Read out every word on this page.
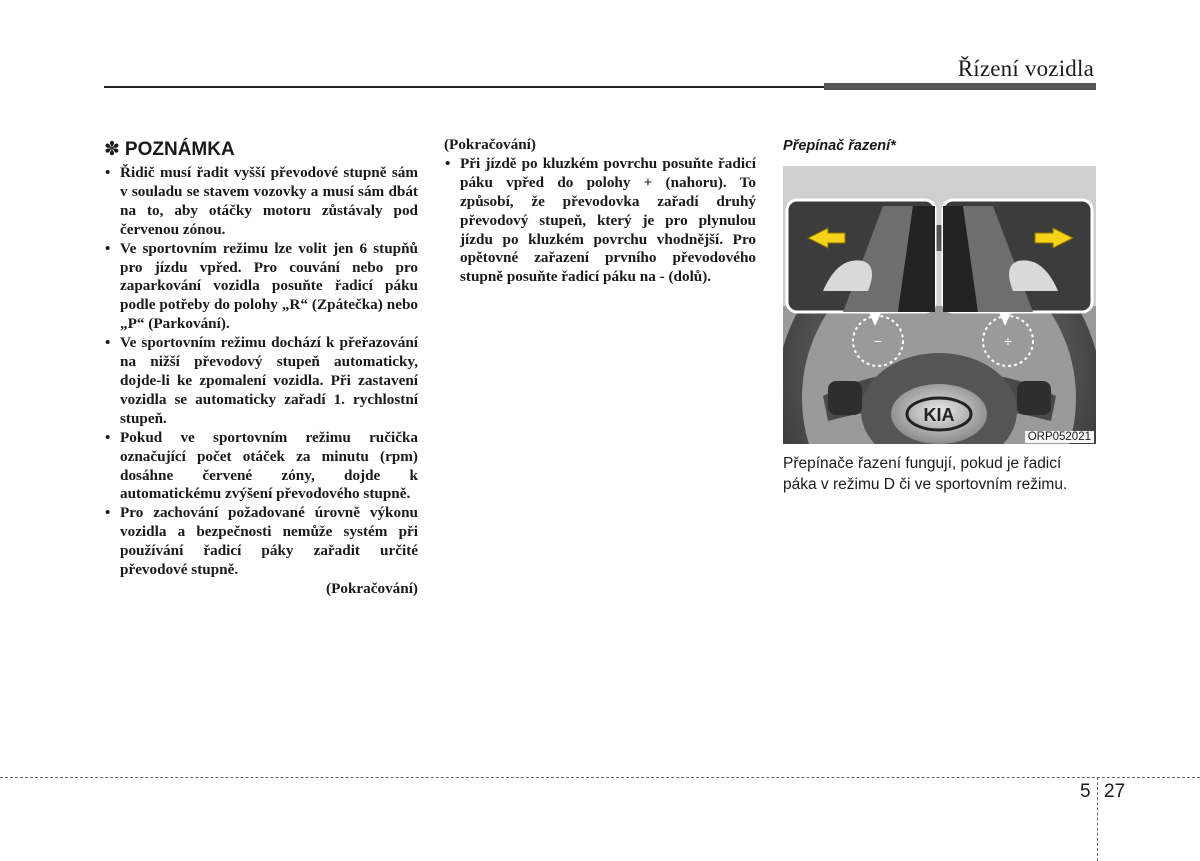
Řízení vozidla
✽ POZNÁMKA
• Řidič musí řadit vyšší převodové stupně sám v souladu se stavem vozovky a musí sám dbát na to, aby otáčky motoru zůstávaly pod červenou zónou.
• Ve sportovním režimu lze volit jen 6 stupňů pro jízdu vpřed. Pro couvání nebo pro zaparkování vozidla posuňte řadicí páku podle potřeby do polohy „R“ (Zpátečka) nebo „P“ (Parkování).
• Ve sportovním režimu dochází k přeřazování na nižší převodový stupeň automaticky, dojde-li ke zpomalení vozidla. Při zastavení vozidla se automaticky zařadí 1. rychlostní stupeň.
• Pokud ve sportovním režimu ručička označující počet otáček za minutu (rpm) dosáhne červené zóny, dojde k automatickému zvýšení převodového stupně.
• Pro zachování požadované úrovně výkonu vozidla a bezpečnosti nemůže systém při používání řadicí páky zařadit určité převodové stupně.
(Pokračování)
(Pokračování)
• Při jízdě po kluzkém povrchu posuňte řadicí páku vpřed do polohy + (nahoru). To způsobí, že převodovka zařadí druhý převodový stupeň, který je pro plynulou jízdu po kluzkém povrchu vhodnější. Pro opětovné zařazení prvního převodového stupně posuňte řadicí páku na - (dolů).
Přepínač řazení*
KIA
−	+
ORP052021
Přepínače řazení fungují, pokud je řadicí páka v režimu D či ve sportovním režimu.
5 27
